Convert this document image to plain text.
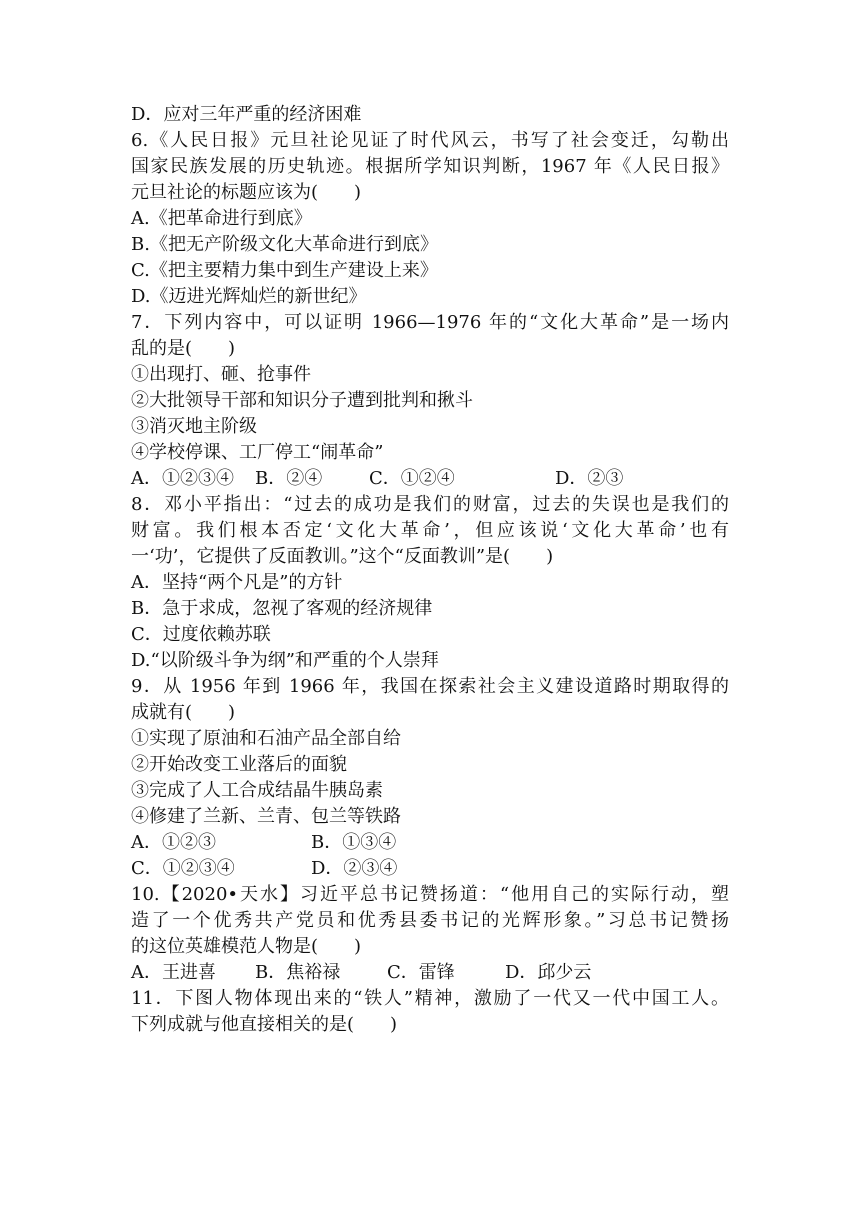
D．应对三年严重的经济困难
6.《人民日报》元旦社论见证了时代风云，书写了社会变迁，勾勒出
国家民族发展的历史轨迹。根据所学知识判断，1967 年《人民日报》
元旦社论的标题应该为(　　)
A.《把革命进行到底》
B.《把无产阶级文化大革命进行到底》
C.《把主要精力集中到生产建设上来》
D.《迈进光辉灿烂的新世纪》
7．下列内容中，可以证明 1966—1976 年的“文化大革命”是一场内
乱的是(　　)
①出现打、砸、抢事件
②大批领导干部和知识分子遭到批判和揪斗
③消灭地主阶级
④学校停课、工厂停工“闹革命”
A．①②③④ B．②④	C．①②④	D．②③
8．邓小平指出：“过去的成功是我们的财富，过去的失误也是我们的
财富。我们根本否定‘文化大革命’，但应该说‘文化大革命’也有
一‘功’，它提供了反面教训。”这个“反面教训”是(　　)
A．坚持“两个凡是”的方针
B．急于求成，忽视了客观的经济规律
C．过度依赖苏联
D.“以阶级斗争为纲”和严重的个人崇拜
9．从 1956 年到 1966 年，我国在探索社会主义建设道路时期取得的
成就有(　　)
①实现了原油和石油产品全部自给
②开始改变工业落后的面貌
③完成了人工合成结晶牛胰岛素
④修建了兰新、兰青、包兰等铁路
A．①②③	B．①③④
C．①②③④	D．②③④
10.【2020•天水】习近平总书记赞扬道：“他用自己的实际行动，塑
造了一个优秀共产党员和优秀县委书记的光辉形象。”习总书记赞扬
的这位英雄模范人物是(　　)
A．王进喜 B．焦裕禄	C．雷锋	D．邱少云
11．下图人物体现出来的“铁人”精神，激励了一代又一代中国工人。
下列成就与他直接相关的是(　　)
